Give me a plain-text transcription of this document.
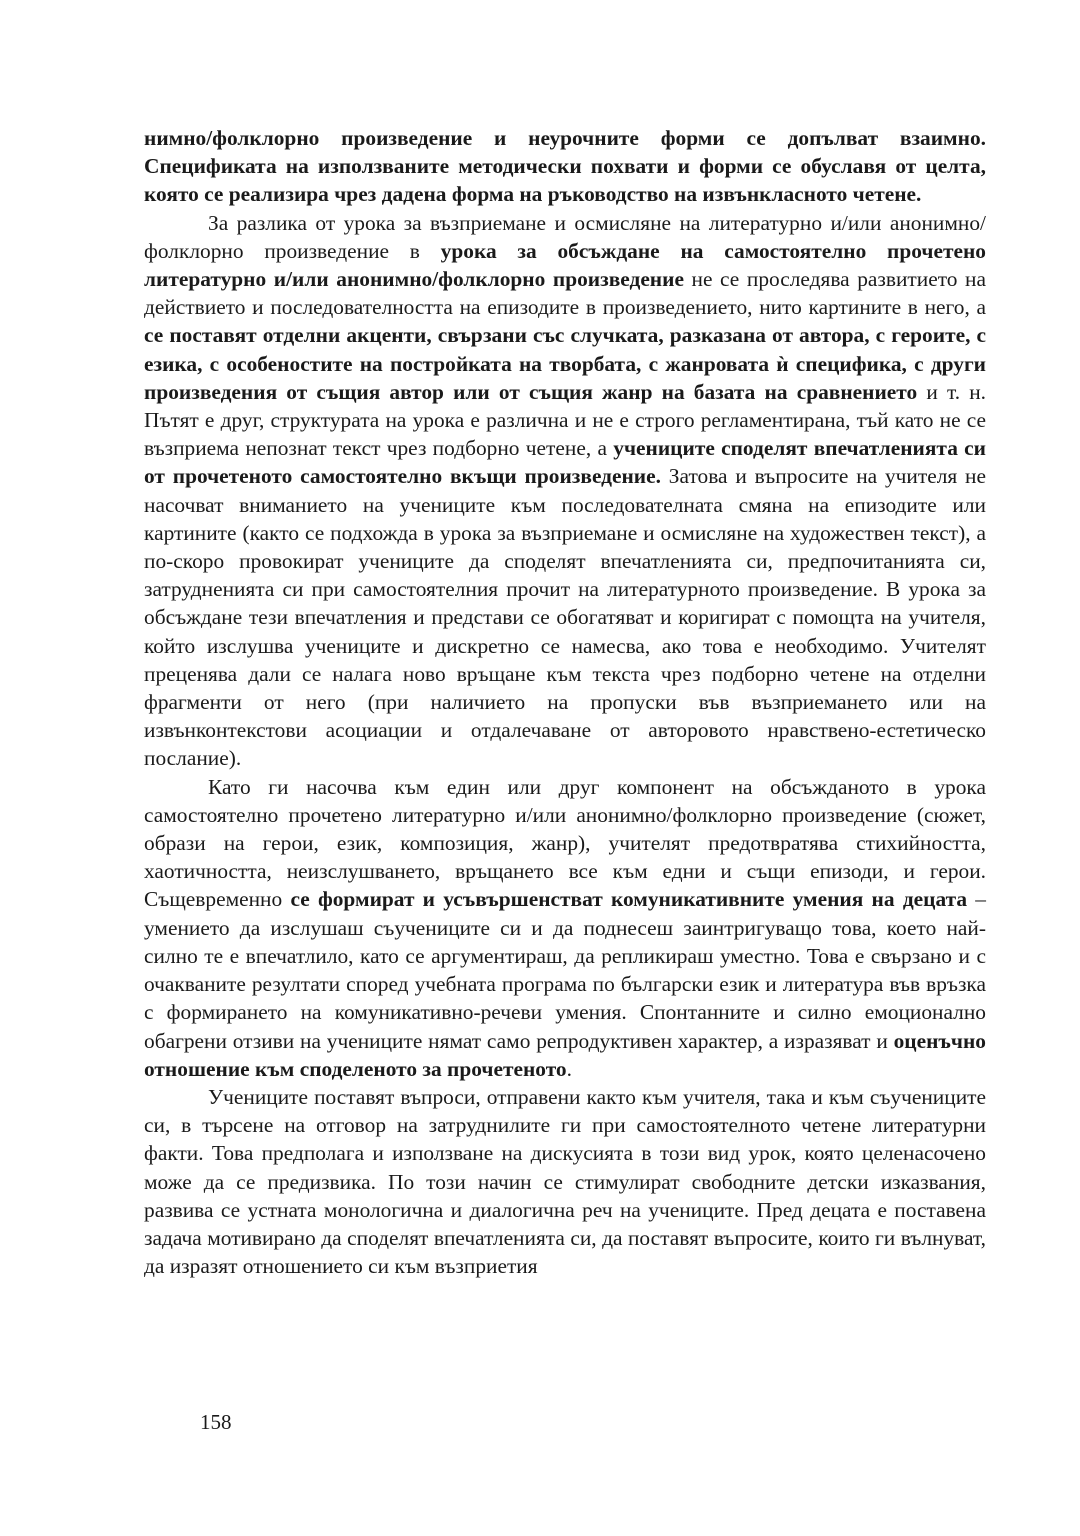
нимно/фолклорно произведение и неурочните форми се допълват взаимно. Спецификата на използваните методически похвати и форми се обуславя от целта, която се реализира чрез дадена форма на ръководство на извънкласното четене.

За разлика от урока за възприемане и осмисляне на литературно и/или анонимно/фолклорно произведение в урока за обсъждане на самостоятелно прочетено литературно и/или анонимно/фолклорно произведение не се проследява развитието на действието и последователността на епизодите в произведението, нито картините в него, а се поставят отделни акценти, свързани със случката, разказана от автора, с героите, с езика, с особеностите на постройката на творбата, с жанровата ѝ специфика, с други произведения от същия автор или от същия жанр на базата на сравнението и т. н. Пътят е друг, структурата на урока е различна и не е строго регламентирана, тъй като не се възприема непознат текст чрез подборно четене, а учениците споделят впечатленията си от прочетеното самостоятелно вкъщи произведение. Затова и въпросите на учителя не насочват вниманието на учениците към последователната смяна на епизодите или картините (както се подхожда в урока за възприемане и осмисляне на художествен текст), а по-скоро провокират учениците да споделят впечатленията си, предпочитанията си, затрудненията си при самостоятелния прочит на литературното произведение. В урока за обсъждане тези впечатления и представи се обогатяват и коригират с помощта на учителя, който изслушва учениците и дискретно се намесва, ако това е необходимо. Учителят преценява дали се налага ново връщане към текста чрез подборно четене на отделни фрагменти от него (при наличието на пропуски във възприемането или на извънконтекстови асоциации и отдалечаване от авторовото нравствено-естетическо послание).

Като ги насочва към един или друг компонент на обсъжданото в урока самостоятелно прочетено литературно и/или анонимно/фолклорно произведение (сюжет, образи на герои, език, композиция, жанр), учителят предотвратява стихийността, хаотичността, неизслушването, връщането все към едни и същи епизоди, и герои. Същевременно се формират и усъвършенстват комуникативните умения на децата – умението да изслушаш съучениците си и да поднесеш заинтригуващо това, което най-силно те е впечатлило, като се аргументираш, да репликираш уместно. Това е свързано и с очакваните резултати според учебната програма по български език и литература във връзка с формирането на комуникативно-речеви умения. Спонтанните и силно емоционално обагрени отзиви на учениците нямат само репродуктивен характер, а изразяват и оценъчно отношение към споделеното за прочетеното.

Учениците поставят въпроси, отправени както към учителя, така и към съучениците си, в търсене на отговор на затруднилите ги при самостоятелното четене литературни факти. Това предполага и използване на дискусията в този вид урок, която целенасочено може да се предизвика. По този начин се стимулират свободните детски изказвания, развива се устната монологична и диалогична реч на учениците. Пред децата е поставена задача мотивирано да споделят впечатленията си, да поставят въпросите, които ги вълнуват, да изразят отношението си към възприетия

158
